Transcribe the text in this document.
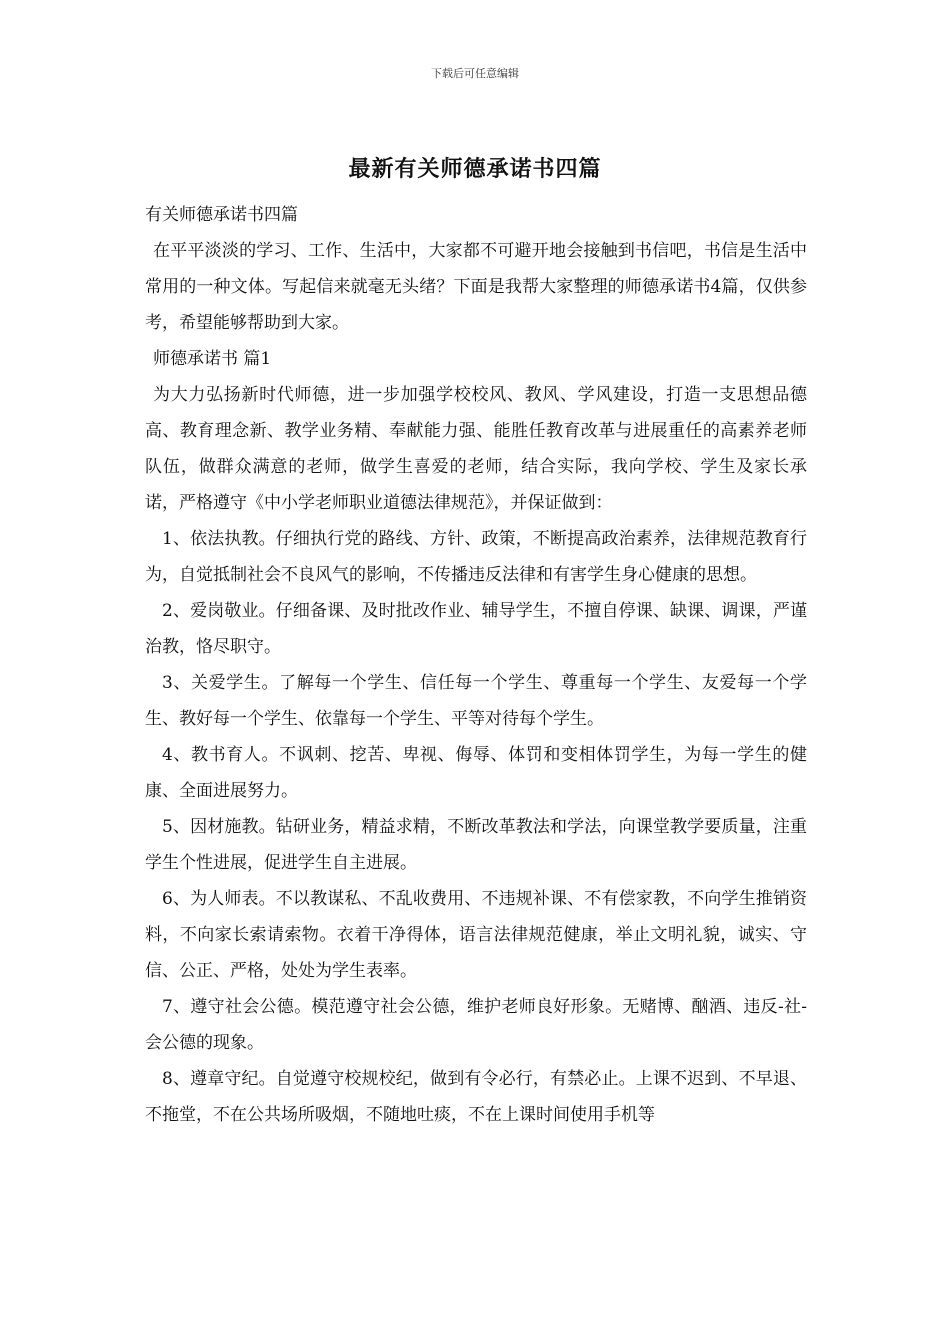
下载后可任意编辑
最新有关师德承诺书四篇

有关师德承诺书四篇

在平平淡淡的学习、工作、生活中，大家都不可避开地会接触到书信吧，书信是生活中常用的一种文体。写起信来就毫无头绪？下面是我帮大家整理的师德承诺书4篇，仅供参考，希望能够帮助到大家。

师德承诺书 篇1

为大力弘扬新时代师德，进一步加强学校校风、教风、学风建设，打造一支思想品德高、教育理念新、教学业务精、奉献能力强、能胜任教育改革与进展重任的高素养老师队伍，做群众满意的老师，做学生喜爱的老师，结合实际，我向学校、学生及家长承诺，严格遵守《中小学老师职业道德法律规范》，并保证做到：

1、依法执教。仔细执行党的路线、方针、政策，不断提高政治素养，法律规范教育行为，自觉抵制社会不良风气的影响，不传播违反法律和有害学生身心健康的思想。

2、爱岗敬业。仔细备课、及时批改作业、辅导学生，不擅自停课、缺课、调课，严谨治教，恪尽职守。

3、关爱学生。了解每一个学生、信任每一个学生、尊重每一个学生、友爱每一个学生、教好每一个学生、依靠每一个学生、平等对待每个学生。

4、教书育人。不讽刺、挖苦、卑视、侮辱、体罚和变相体罚学生，为每一学生的健康、全面进展努力。

5、因材施教。钻研业务，精益求精，不断改革教法和学法，向课堂教学要质量，注重学生个性进展，促进学生自主进展。

6、为人师表。不以教谋私、不乱收费用、不违规补课、不有偿家教，不向学生推销资料，不向家长索请索物。衣着干净得体，语言法律规范健康，举止文明礼貌，诚实、守信、公正、严格，处处为学生表率。

7、遵守社会公德。模范遵守社会公德，维护老师良好形象。无赌博、酗酒、违反-社-会公德的现象。

8、遵章守纪。自觉遵守校规校纪，做到有令必行，有禁必止。上课不迟到、不早退、不拖堂，不在公共场所吸烟，不随地吐痰，不在上课时间使用手机等
